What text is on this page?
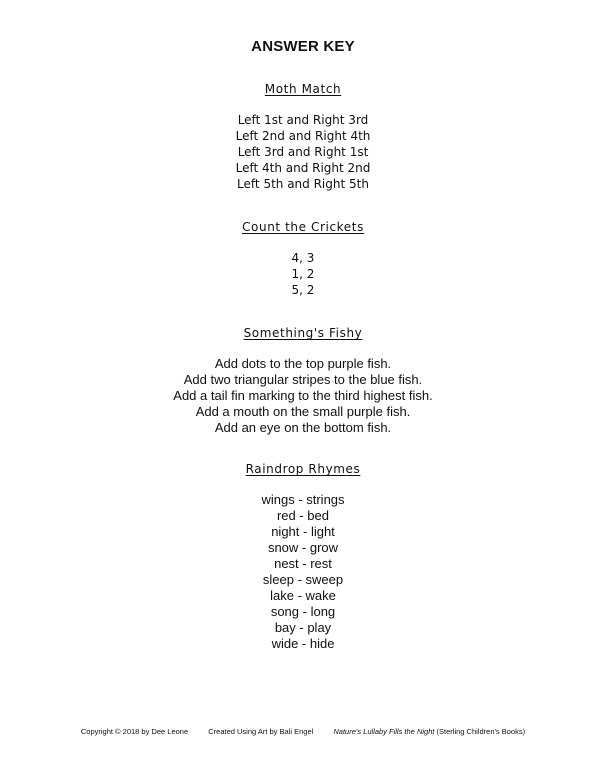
ANSWER KEY
Moth Match
Left 1st and Right 3rd
Left 2nd and Right 4th
Left 3rd and Right 1st
Left 4th and Right 2nd
Left 5th and Right 5th
Count the Crickets
4, 3
1, 2
5, 2
Something's Fishy
Add dots to the top purple fish.
Add two triangular stripes to the blue fish.
Add a tail fin marking to the third highest fish.
Add a mouth on the small purple fish.
Add an eye on the bottom fish.
Raindrop Rhymes
wings - strings
red - bed
night - light
snow - grow
nest - rest
sleep - sweep
lake - wake
song - long
bay - play
wide - hide
Copyright © 2018 by Dee Leone	Created Using Art by Bali Engel	Nature's Lullaby Fills the Night (Sterling Children's Books)
